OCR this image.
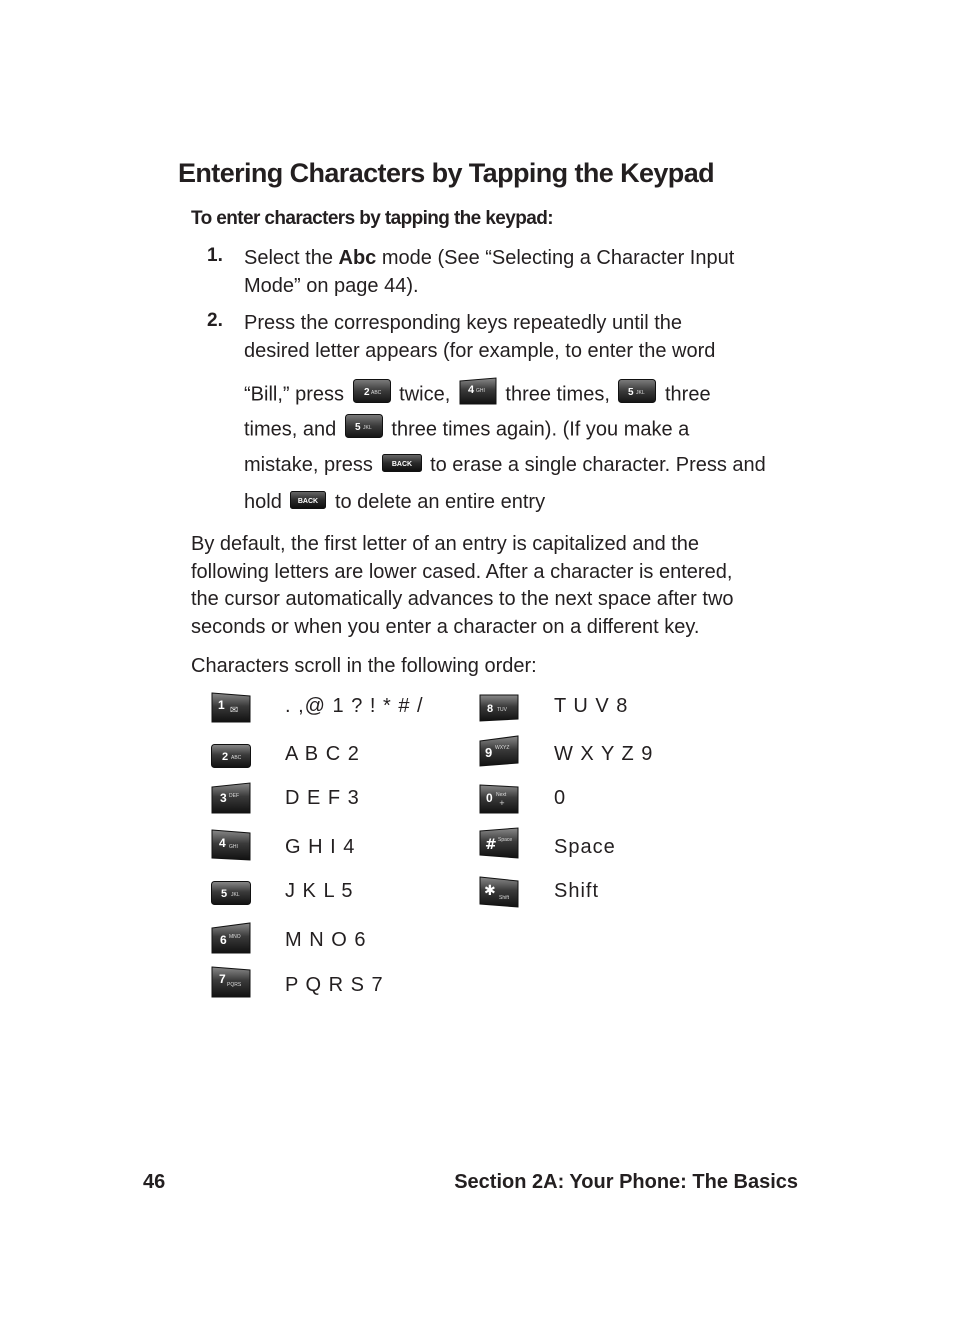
Entering Characters by Tapping the Keypad
To enter characters by tapping the keypad:
1. Select the Abc mode (See “Selecting a Character Input
Mode” on page 44).
2. Press the corresponding keys repeatedly until the
desired letter appears (for example, to enter the word
“Bill,” press 2 ABC twice, 4 GHI three times, 5 JKL three
times, and 5 JKL three times again). (If you make a
mistake, press	BACK to erase a single character. Press and
hold BACK to delete an entire entry
By default, the first letter of an entry is capitalized and the
following letters are lower cased. After a character is entered,
the cursor automatically advances to the next space after two
seconds or when you enter a character on a different key.
Characters scroll in the following order:
1 ✉ . ,@ 1 ? ! * # /
2 ABC A B C 2
3 DEF D E F 3
4 GHI G H I 4
5 JKL J K L 5
6 MNO M N O 6
7 PQRS P Q R S 7
8 TUV T U V 8
9 WXYZ W X Y Z 9
0 Next
+ 0
# Space Space
✱ Shift Shift
46	Section 2A: Your Phone: The Basics
